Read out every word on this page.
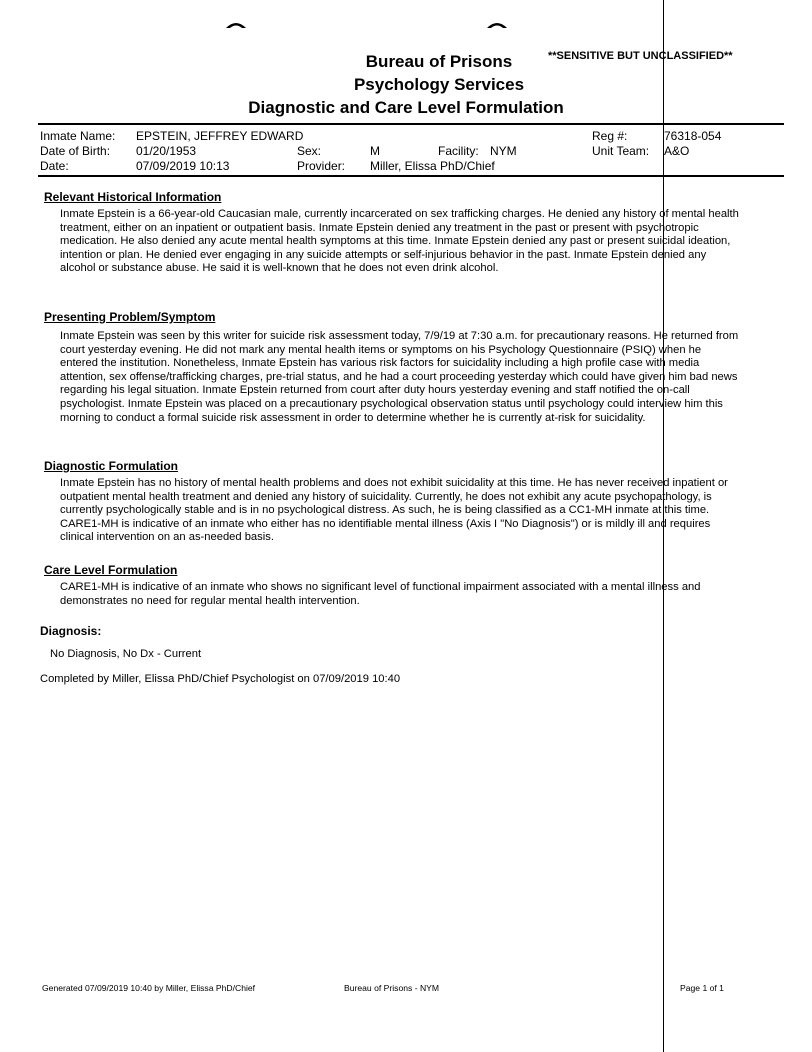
Bureau of Prisons
Psychology Services
Diagnostic and Care Level Formulation
**SENSITIVE BUT UNCLASSIFIED**
Inmate Name: EPSTEIN, JEFFREY EDWARD	Reg #:	76318-054
Date of Birth: 01/20/1953	Sex:	M	Facility: NYM	Unit Team: A&O
Date:	07/09/2019 10:13	Provider: Miller, Elissa PhD/Chief
Relevant Historical Information
Inmate Epstein is a 66-year-old Caucasian male, currently incarcerated on sex trafficking charges. He denied any history of mental health treatment, either on an inpatient or outpatient basis. Inmate Epstein denied any treatment in the past or present with psychotropic medication. He also denied any acute mental health symptoms at this time. Inmate Epstein denied any past or present suicidal ideation, intention or plan. He denied ever engaging in any suicide attempts or self-injurious behavior in the past. Inmate Epstein denied any alcohol or substance abuse. He said it is well-known that he does not even drink alcohol.
Presenting Problem/Symptom
Inmate Epstein was seen by this writer for suicide risk assessment today, 7/9/19 at 7:30 a.m. for precautionary reasons. He returned from court yesterday evening. He did not mark any mental health items or symptoms on his Psychology Questionnaire (PSIQ) when he entered the institution. Nonetheless, Inmate Epstein has various risk factors for suicidality including a high profile case with media attention, sex offense/trafficking charges, pre-trial status, and he had a court proceeding yesterday which could have given him bad news regarding his legal situation. Inmate Epstein returned from court after duty hours yesterday evening and staff notified the on-call psychologist. Inmate Epstein was placed on a precautionary psychological observation status until psychology could interview him this morning to conduct a formal suicide risk assessment in order to determine whether he is currently at-risk for suicidality.
Diagnostic Formulation
Inmate Epstein has no history of mental health problems and does not exhibit suicidality at this time. He has never received inpatient or outpatient mental health treatment and denied any history of suicidality. Currently, he does not exhibit any acute psychopathology, is currently psychologically stable and is in no psychological distress. As such, he is being classified as a CC1-MH inmate at this time. CARE1-MH is indicative of an inmate who either has no identifiable mental illness (Axis I "No Diagnosis") or is mildly ill and requires clinical intervention on an as-needed basis.
Care Level Formulation
CARE1-MH is indicative of an inmate who shows no significant level of functional impairment associated with a mental illness and demonstrates no need for regular mental health intervention.
Diagnosis:
No Diagnosis, No Dx - Current
Completed by Miller, Elissa PhD/Chief Psychologist on 07/09/2019 10:40
Generated 07/09/2019 10:40 by Miller, Elissa PhD/Chief	Bureau of Prisons - NYM	Page 1 of 1
